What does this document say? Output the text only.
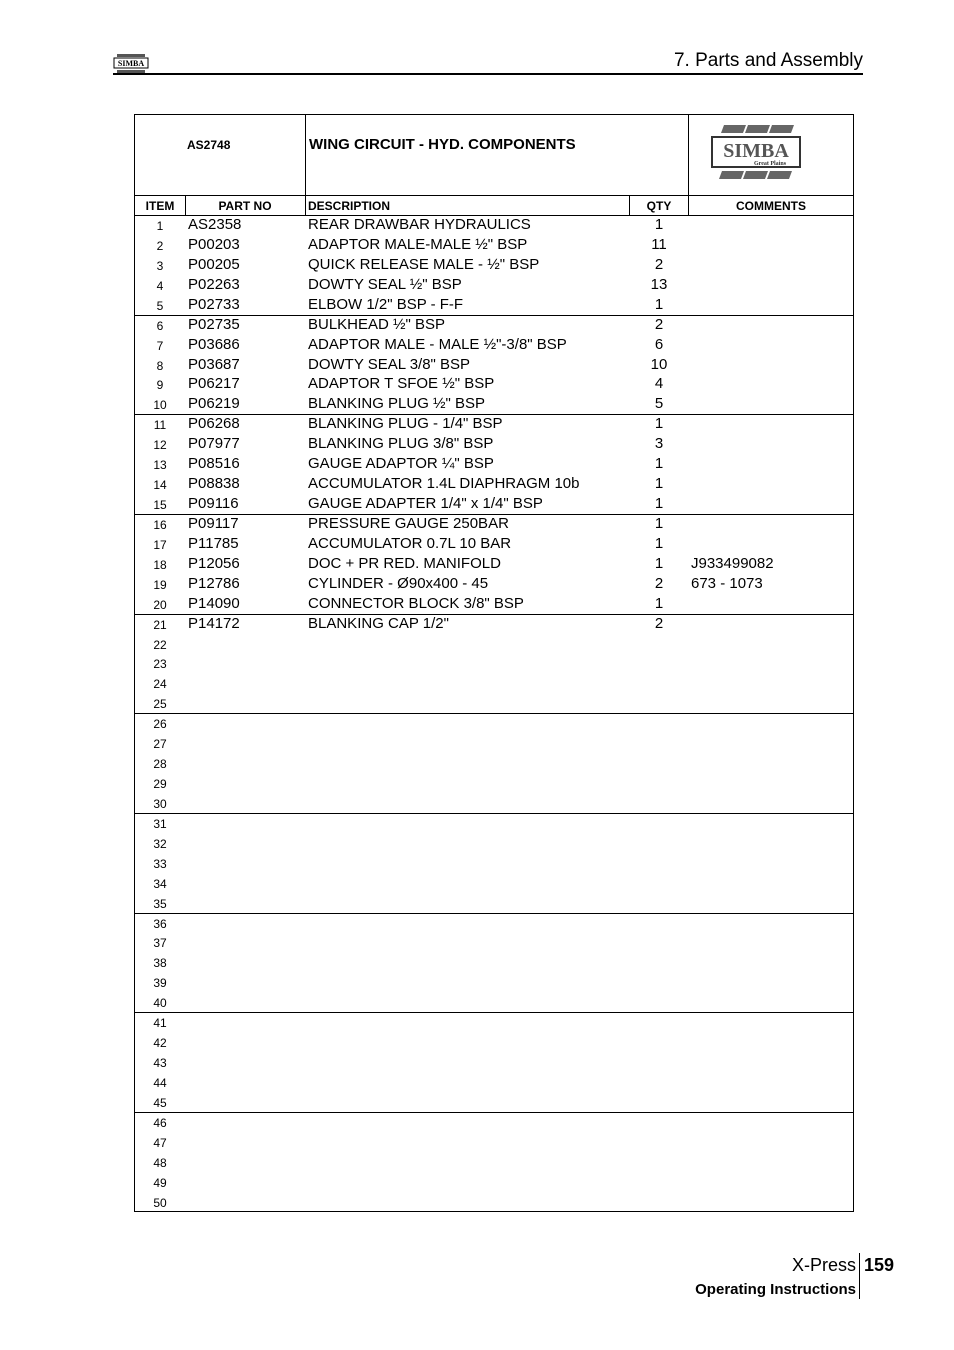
SIMBA	7. Parts and Assembly
AS2748	WING CIRCUIT - HYD. COMPONENTS	SIMBA
Great Plains
ITEM	PART NO	DESCRIPTION	QTY	COMMENTS
1	AS2358	REAR DRAWBAR HYDRAULICS	1
2	P00203	ADAPTOR MALE-MALE ½" BSP	11
3	P00205	QUICK RELEASE MALE - ½" BSP	2
4	P02263	DOWTY SEAL ½" BSP	13
5	P02733	ELBOW 1/2" BSP - F-F	1
6	P02735	BULKHEAD ½" BSP	2
7	P03686	ADAPTOR MALE - MALE ½"-3/8" BSP	6
8	P03687	DOWTY SEAL 3/8" BSP	10
9	P06217	ADAPTOR T SFOE ½" BSP	4
10	P06219	BLANKING PLUG ½" BSP	5
11	P06268	BLANKING PLUG - 1/4" BSP	1
12	P07977	BLANKING PLUG 3/8" BSP	3
13	P08516	GAUGE ADAPTOR ¼" BSP	1
14	P08838	ACCUMULATOR 1.4L DIAPHRAGM 10b	1
15	P09116	GAUGE ADAPTER 1/4" x 1/4" BSP	1
16	P09117	PRESSURE GAUGE 250BAR	1
17	P11785	ACCUMULATOR 0.7L 10 BAR	1
18	P12056	DOC + PR RED. MANIFOLD	1	J933499082
19	P12786	CYLINDER - Ø90x400 - 45	2	673 - 1073
20	P14090	CONNECTOR BLOCK 3/8" BSP	1
21	P14172	BLANKING CAP 1/2"	2
22
23
24
25
26
27
28
29
30
31
32
33
34
35
36
37
38
39
40
41
42
43
44
45
46
47
48
49
50
X-Press 159
Operating Instructions
